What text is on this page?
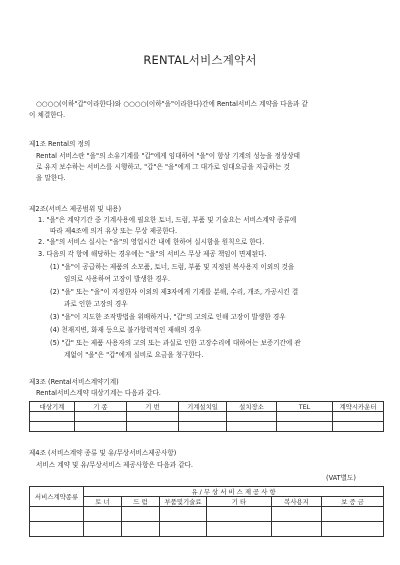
RENTAL서비스계약서
○○○○(이하"갑"이라한다)와 ○○○○(이하"을"이라한다)간에 Rental서비스 계약을 다음과 같
이 체결한다.
제1조 Rental의 정의
Rental 서비스란 "을"의 소유기계를 "갑"에게 임대하여 "을"이 항상 기계의 성능을 정상상태
로 유지 보수하는 서비스를 시행하고, "갑"은 "을"에게 그 대가로 임대요금을 지급하는 것
을 말한다.
제2조(서비스 제공범위 및 내용)
1. "을"은 계약기간 중 기계사용에 필요한 토너, 드럼, 부품 및 기술요는 서비스계약 종류에
따라 제4조에 의거 유상 또는 무상 제공한다.
2. "을"의 서비스 실시는 "을"의 영업시간 내에 한하여 실시함을 원칙으로 한다.
3. 다음의 각 항에 해당하는 경우에는 "을"의 서비스 무상 제공 책임이 면제된다.
(1) "을"이 공급하는 제품의 소모품, 토너, 드럼, 부품 및 지정된 복사용지 이외의 것을
임의로 사용하여 고장이 발생한 경우.
(2) "을" 또는 "을"이 지정한자 이외의 제3자에게 기계를 분해, 수리, 개조, 가공시킨 결
과로 인한 고장의 경우
(3) "을"이 지도한 조작방법을 위배하거나, "갑"의 고의로 인해 고장이 발생한 경우
(4) 천재지변, 화재 등으로 불가항력적인 재해의 경우
(5) "갑" 또는 제품 사용자의 고의 또는 과실로 인한 고장수리에 대하여는 보증기간에 관
계없이 "을"은 "갑"에게 실비로 요금을 청구한다.
제3조 (Rental서비스계약기계)
Rental서비스계약 대상기계는 다음과 같다.
대상기계	기 종	기 번	기계설치일	설치장소	TEL	계약시카운터

제4조 (서비스계약 종류 및 유/무상서비스제공사항)
서비스 계약 및 유/무상서비스 제공사항은 다음과 같다.
(VAT별도)
서비스계약종류	유 / 무 상 서 비 스 제 공 사 항					
	토 너	드 럼	부품및기술료	기 타	복사용지	보 증 금
